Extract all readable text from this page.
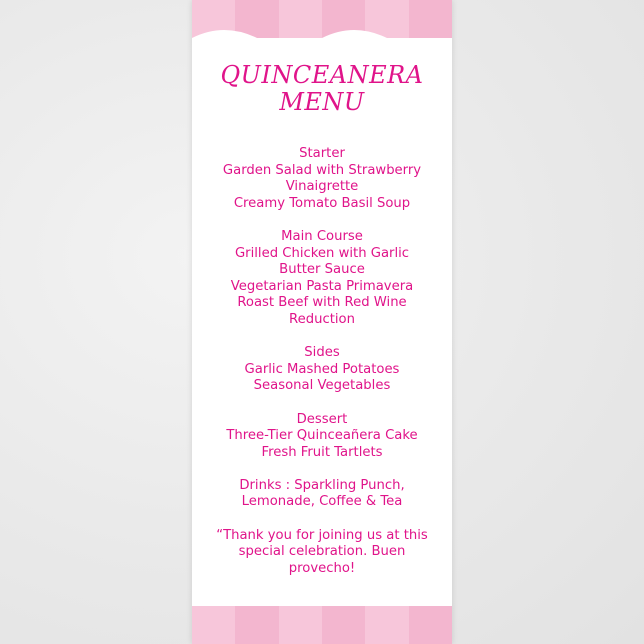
QUINCEANERA
MENU
Starter
Garden Salad with Strawberry
Vinaigrette
Creamy Tomato Basil Soup
Main Course
Grilled Chicken with Garlic
Butter Sauce
Vegetarian Pasta Primavera
Roast Beef with Red Wine
Reduction
Sides
Garlic Mashed Potatoes
Seasonal Vegetables
Dessert
Three-Tier Quinceañera Cake
Fresh Fruit Tartlets
Drinks : Sparkling Punch,
Lemonade, Coffee & Tea
“Thank you for joining us at this
special celebration. Buen
provecho!
